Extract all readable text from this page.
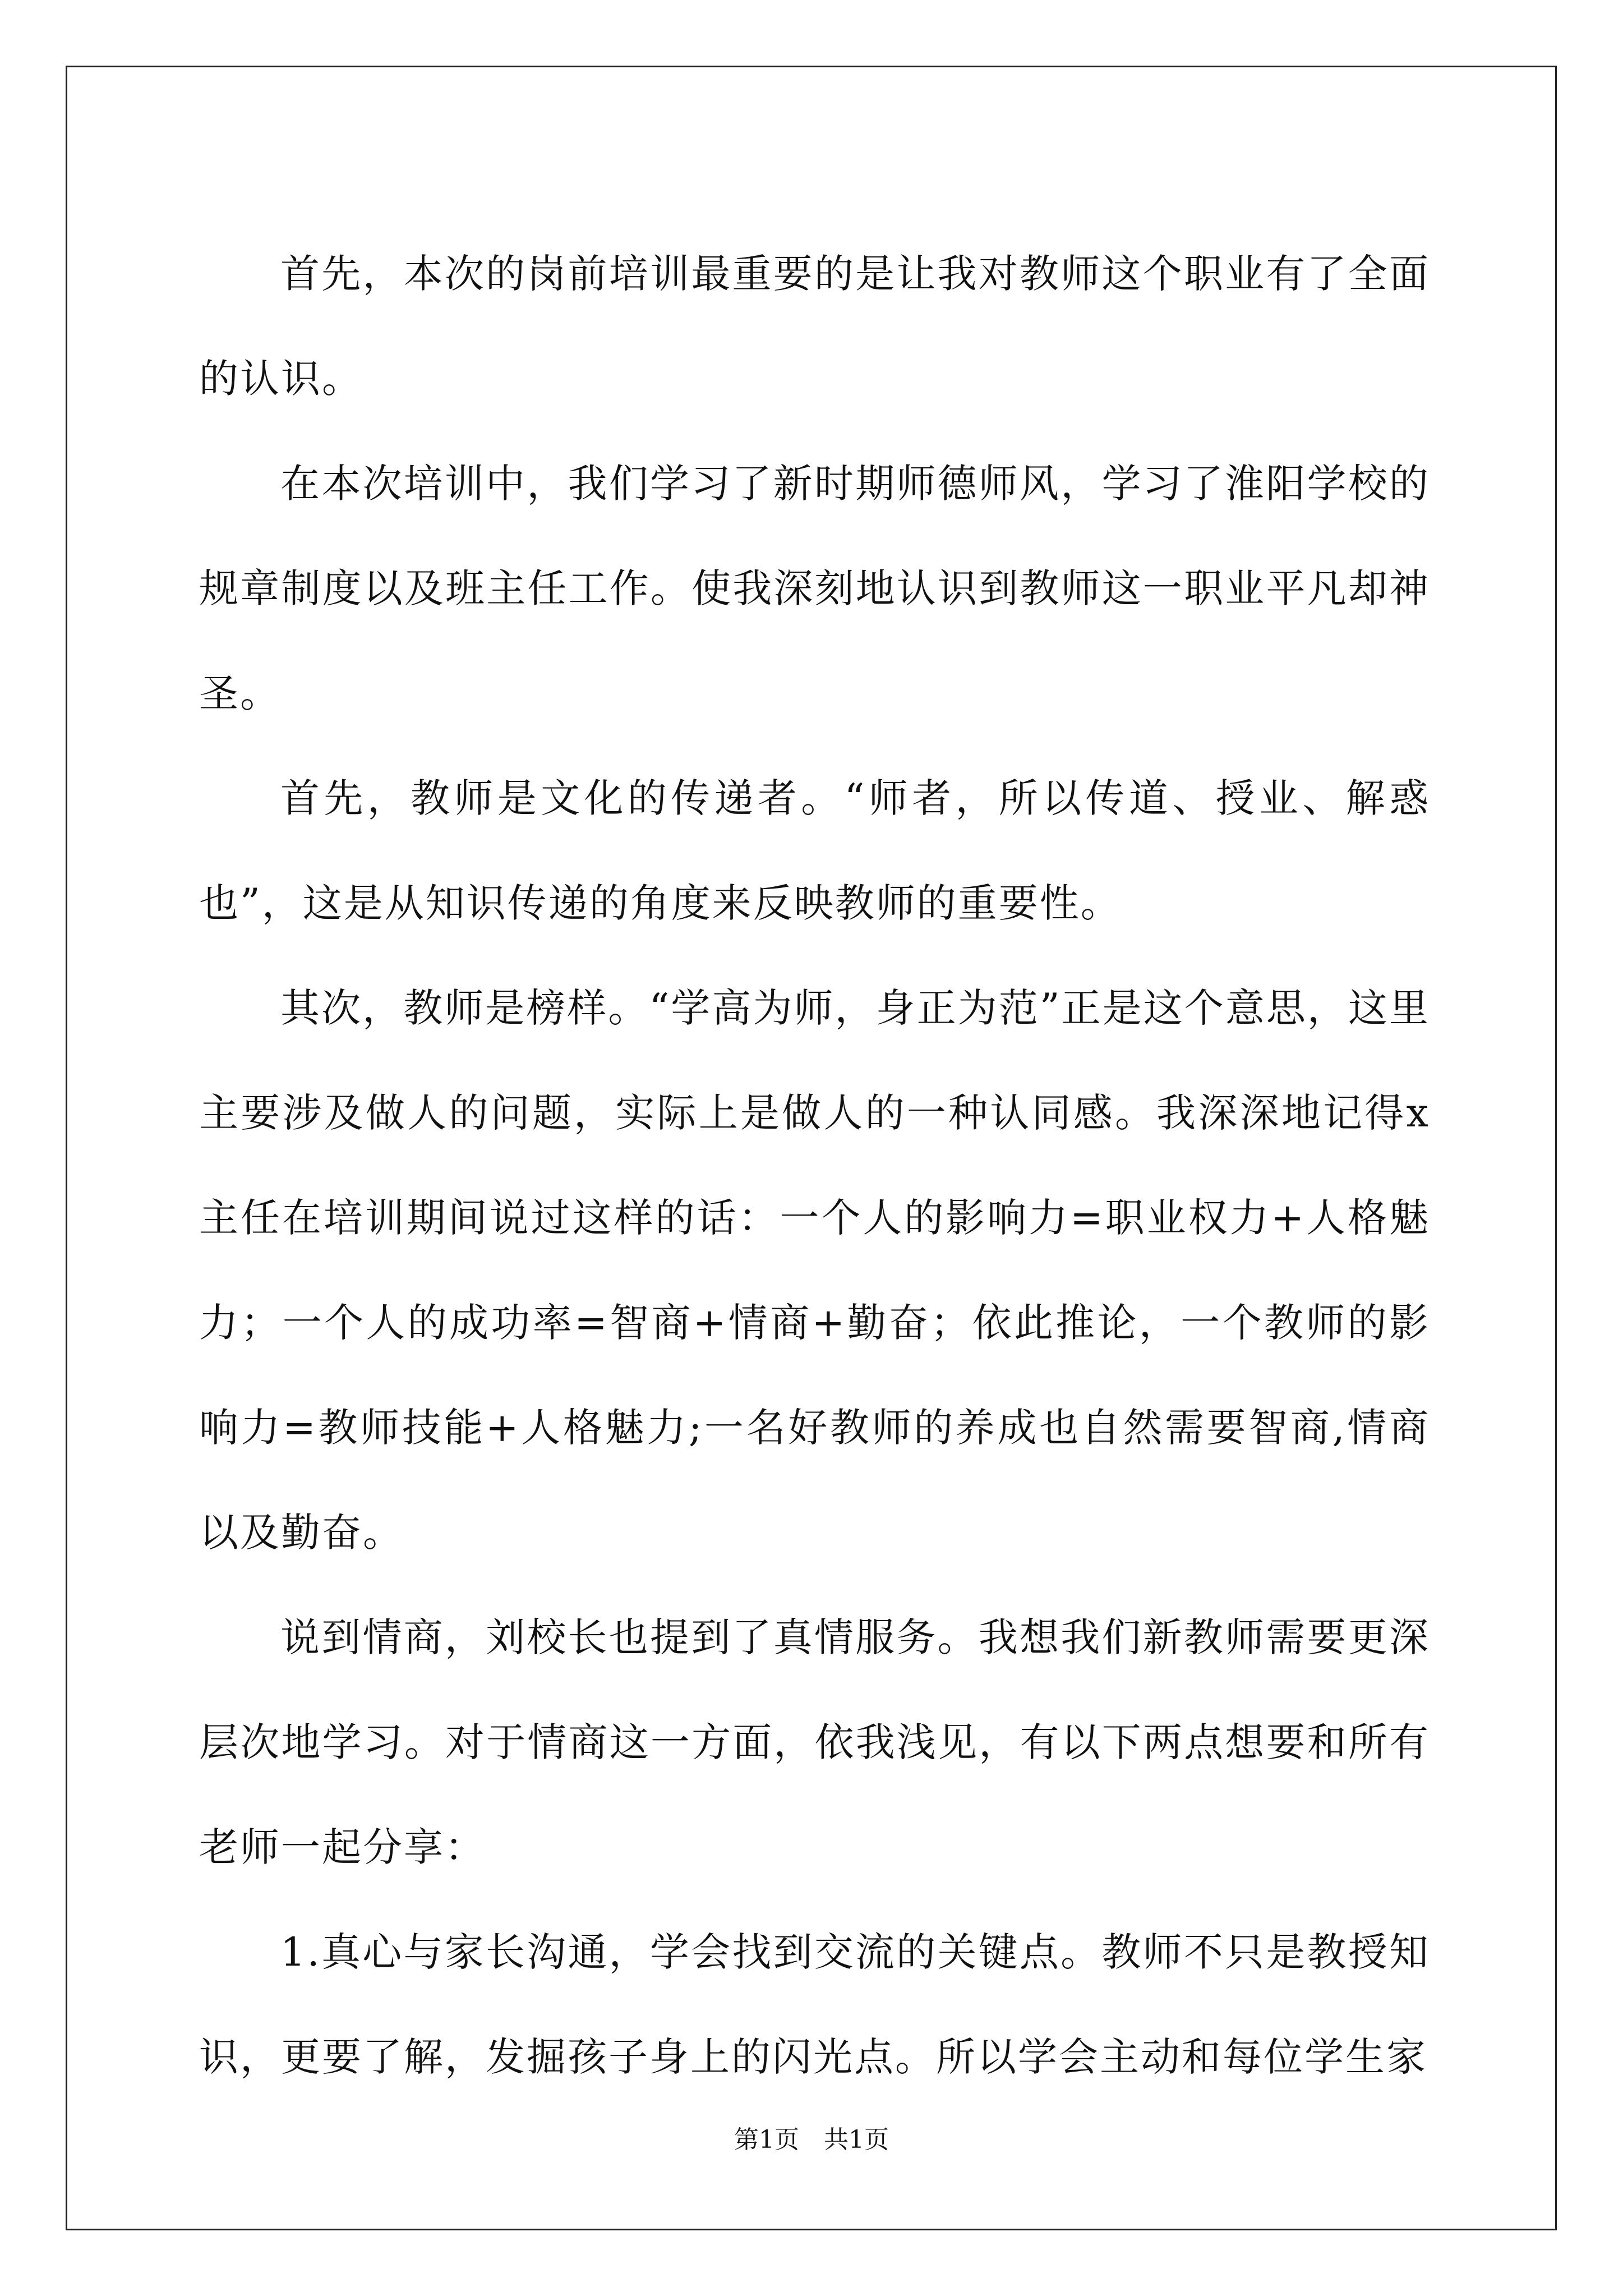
首先，本次的岗前培训最重要的是让我对教师这个职业有了全面的认识。

在本次培训中，我们学习了新时期师德师风，学习了淮阳学校的规章制度以及班主任工作。使我深刻地认识到教师这一职业平凡却神圣。

首先，教师是文化的传递者。“师者，所以传道、授业、解惑也”，这是从知识传递的角度来反映教师的重要性。

其次，教师是榜样。“学高为师，身正为范”正是这个意思，这里主要涉及做人的问题，实际上是做人的一种认同感。我深深地记得x主任在培训期间说过这样的话：一个人的影响力=职业权力+人格魅力；一个人的成功率=智商+情商+勤奋；依此推论，一个教师的影响力=教师技能+人格魅力;一名好教师的养成也自然需要智商,情商以及勤奋。

说到情商，刘校长也提到了真情服务。我想我们新教师需要更深层次地学习。对于情商这一方面，依我浅见，有以下两点想要和所有老师一起分享：

1.真心与家长沟通，学会找到交流的关键点。教师不只是教授知识，更要了解，发掘孩子身上的闪光点。所以学会主动和每位学生家

第1页　共1页
